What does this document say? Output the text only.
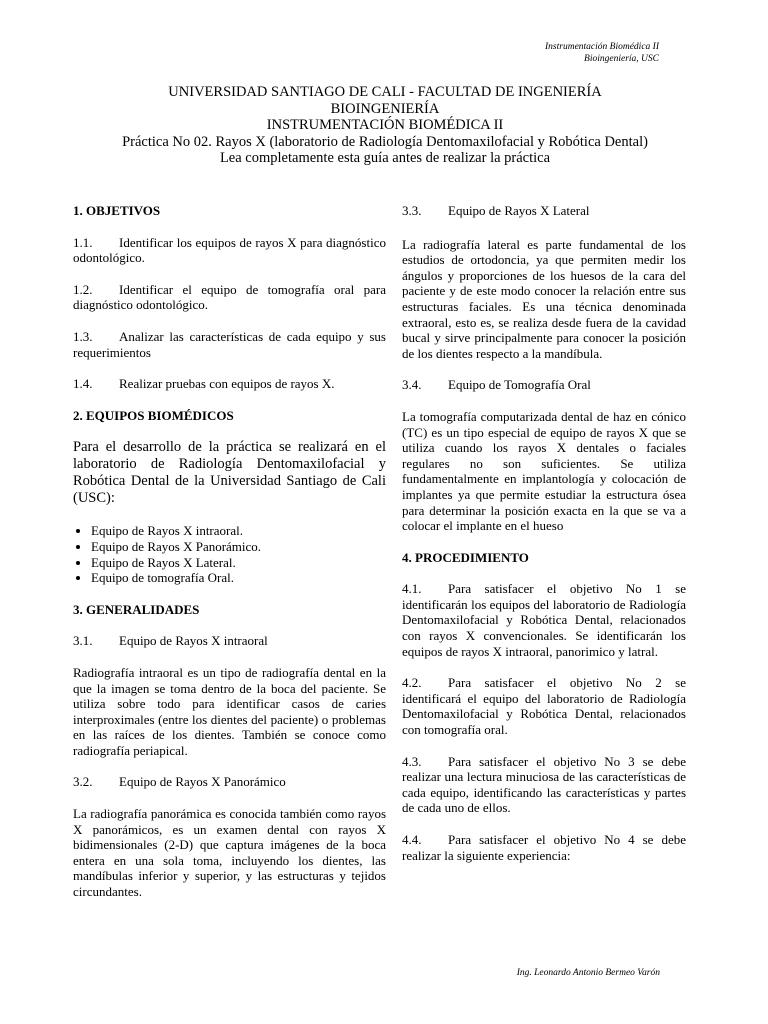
Instrumentación Biomédica II
Bioingeniería, USC
UNIVERSIDAD SANTIAGO DE CALI - FACULTAD DE INGENIERÍA
BIOINGENIERÍA
INSTRUMENTACIÓN BIOMÉDICA II
Práctica No 02. Rayos X (laboratorio de Radiología Dentomaxilofacial y Robótica Dental)
Lea completamente esta guía antes de realizar la práctica

1. OBJETIVOS

1.1. Identificar los equipos de rayos X para diagnóstico odontológico.

1.2. Identificar el equipo de tomografía oral para diagnóstico odontológico.

1.3. Analizar las características de cada equipo y sus requerimientos

1.4. Realizar pruebas con equipos de rayos X.

2. EQUIPOS BIOMÉDICOS

Para el desarrollo de la práctica se realizará en el laboratorio de Radiología Dentomaxilofacial y Robótica Dental de la Universidad Santiago de Cali (USC):

• Equipo de Rayos X intraoral.
• Equipo de Rayos X Panorámico.
• Equipo de Rayos X Lateral.
• Equipo de tomografía Oral.

3. GENERALIDADES

3.1. Equipo de Rayos X intraoral

Radiografía intraoral es un tipo de radiografía dental en la que la imagen se toma dentro de la boca del paciente. Se utiliza sobre todo para identificar casos de caries interproximales (entre los dientes del paciente) o problemas en las raíces de los dientes. También se conoce como radiografía periapical.

3.2. Equipo de Rayos X Panorámico

La radiografía panorámica es conocida también como rayos X panorámicos, es un examen dental con rayos X bidimensionales (2-D) que captura imágenes de la boca entera en una sola toma, incluyendo los dientes, las mandíbulas inferior y superior, y las estructuras y tejidos circundantes.

3.3. Equipo de Rayos X Lateral

La radiografía lateral es parte fundamental de los estudios de ortodoncia, ya que permiten medir los ángulos y proporciones de los huesos de la cara del paciente y de este modo conocer la relación entre sus estructuras faciales. Es una técnica denominada extraoral, esto es, se realiza desde fuera de la cavidad bucal y sirve principalmente para conocer la posición de los dientes respecto a la mandíbula.

3.4. Equipo de Tomografía Oral

La tomografía computarizada dental de haz en cónico (TC) es un tipo especial de equipo de rayos X que se utiliza cuando los rayos X dentales o faciales regulares no son suficientes. Se utiliza fundamentalmente en implantología y colocación de implantes ya que permite estudiar la estructura ósea para determinar la posición exacta en la que se va a colocar el implante en el hueso

4. PROCEDIMIENTO

4.1. Para satisfacer el objetivo No 1 se identificarán los equipos del laboratorio de Radiología Dentomaxilofacial y Robótica Dental, relacionados con rayos X convencionales. Se identificarán los equipos de rayos X intraoral, panorimico y latral.

4.2. Para satisfacer el objetivo No 2 se identificará el equipo del laboratorio de Radiología Dentomaxilofacial y Robótica Dental, relacionados con tomografía oral.

4.3. Para satisfacer el objetivo No 3 se debe realizar una lectura minuciosa de las características de cada equipo, identificando las características y partes de cada uno de ellos.

4.4. Para satisfacer el objetivo No 4 se debe realizar la siguiente experiencia:

Ing. Leonardo Antonio Bermeo Varón
